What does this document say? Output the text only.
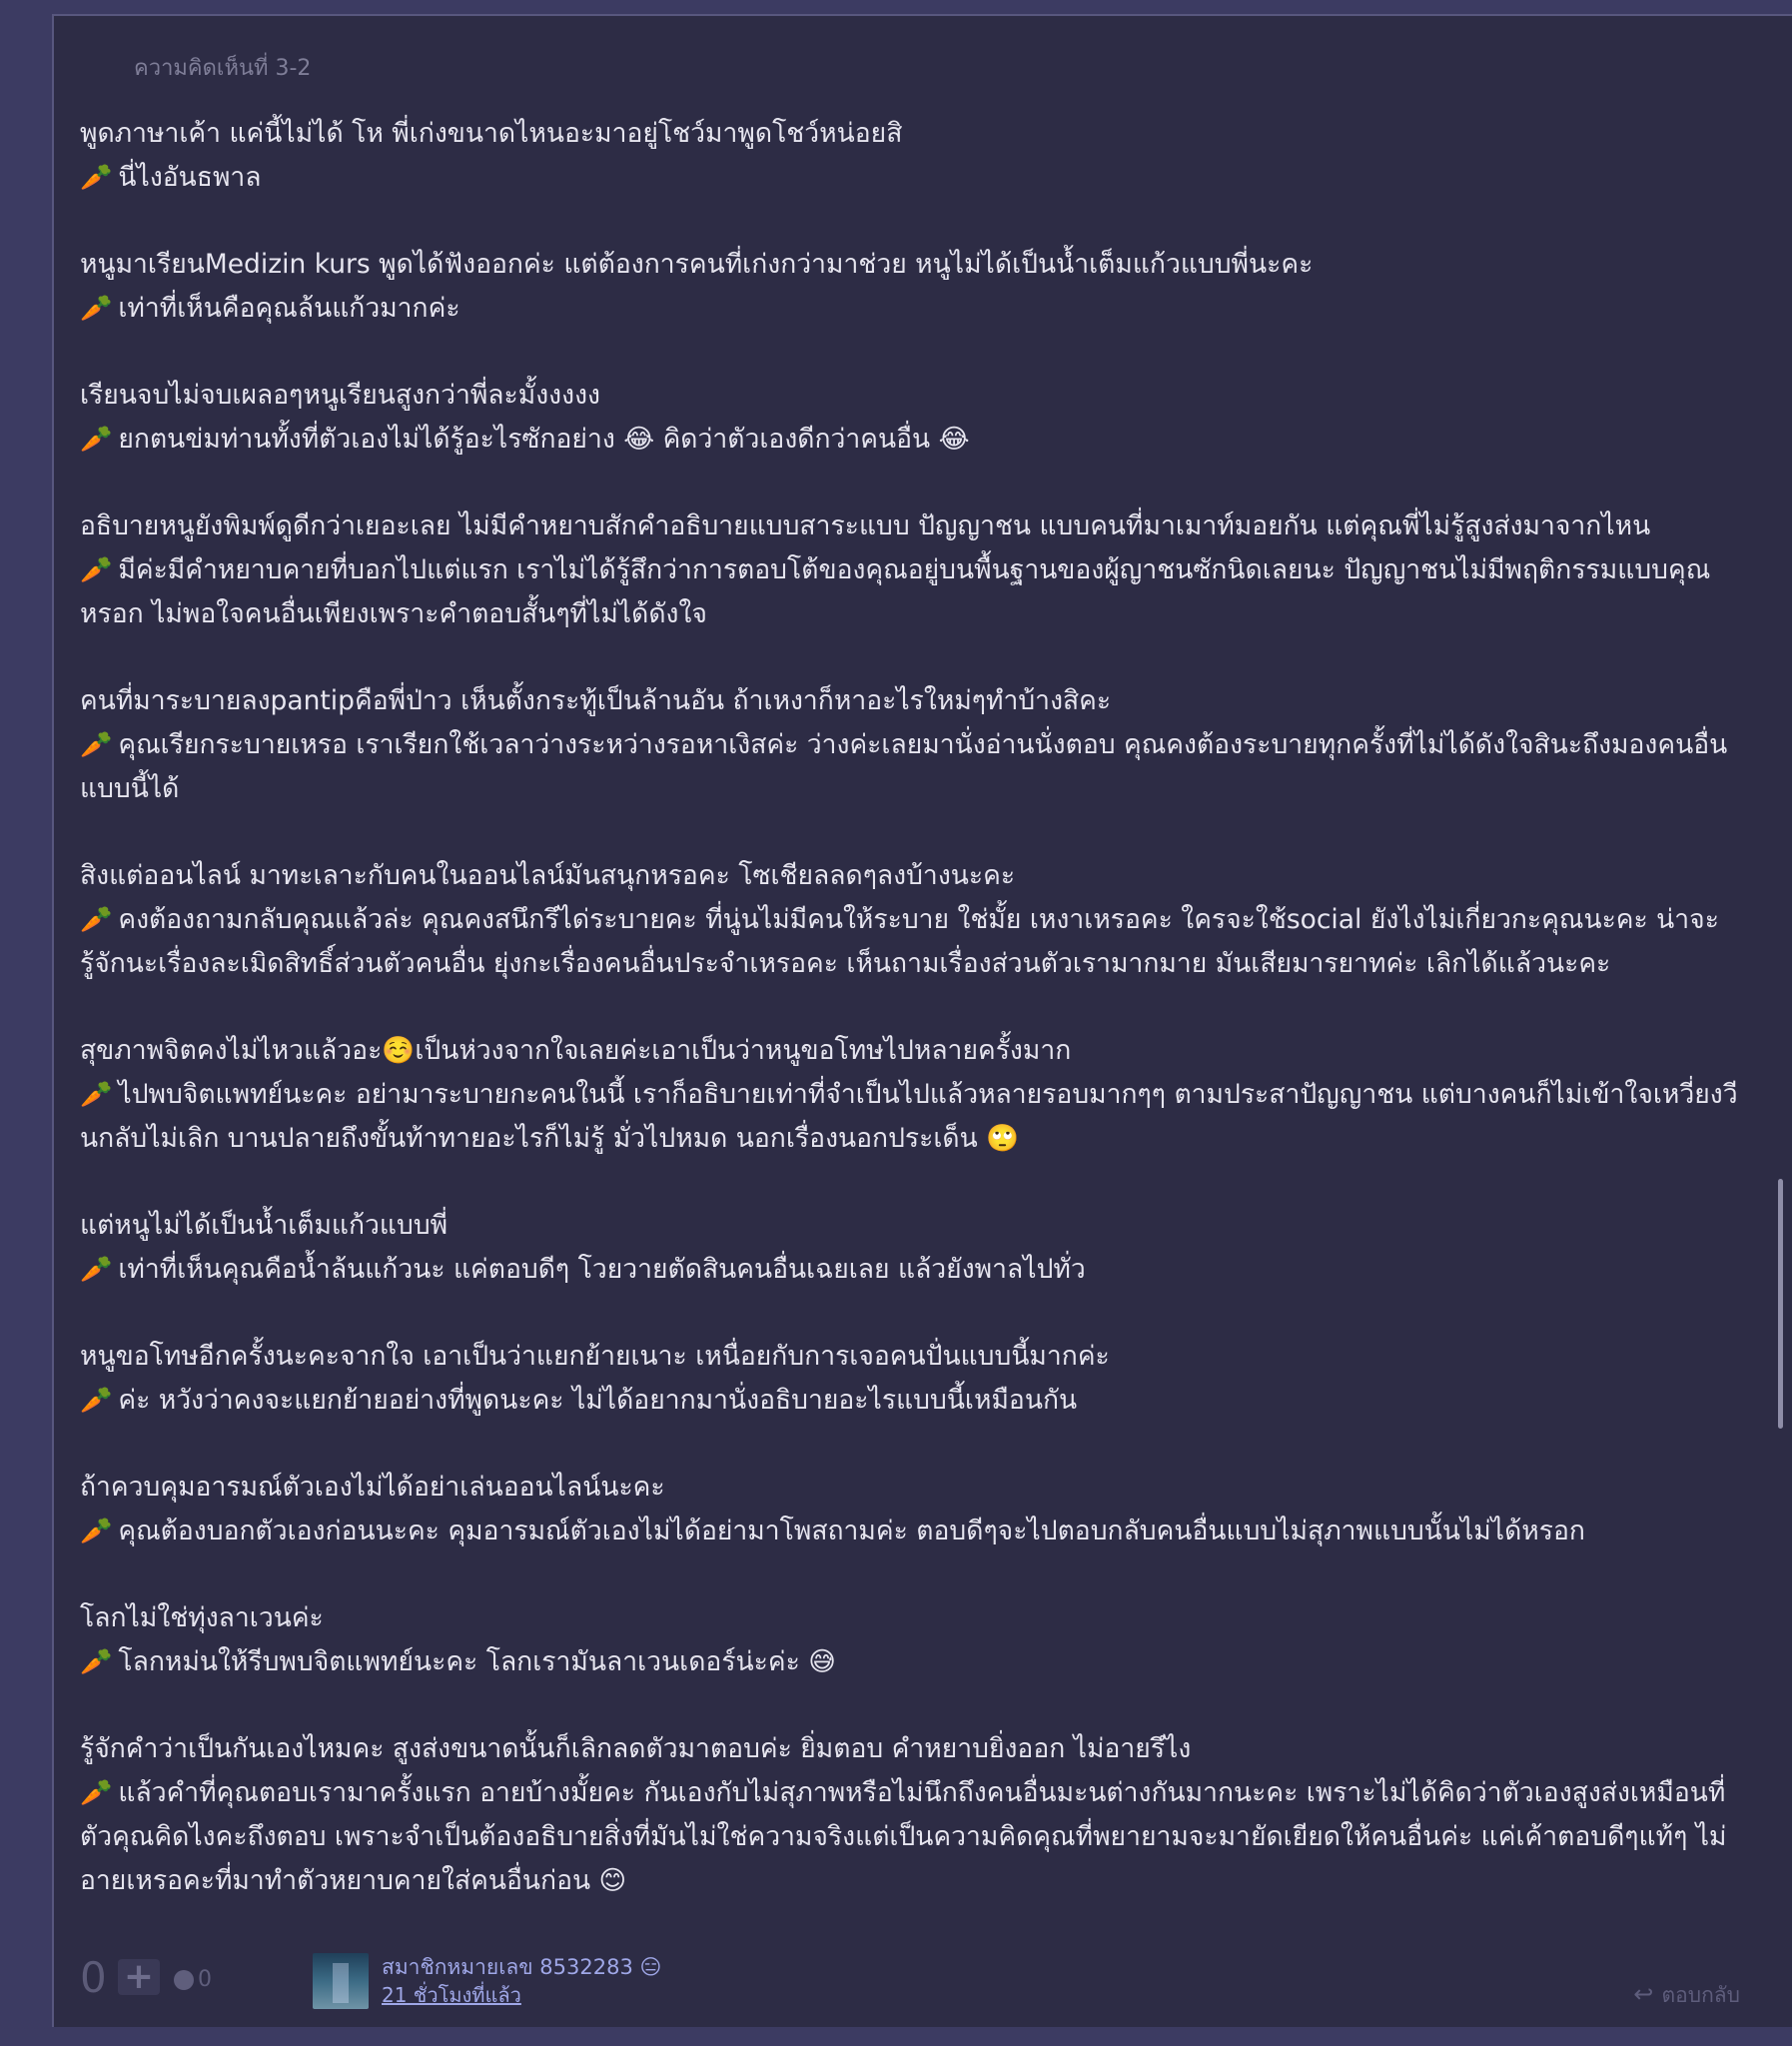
ความคิดเห็นที่ 3-2
พูดภาษาเค้า แค่นี้ไม่ได้ โห พี่เก่งขนาดไหนอะมาอยู่โชว์มาพูดโชว์หน่อยสิ
🥕 นี่ไงอันธพาล
หนูมาเรียนMedizin kurs พูดได้ฟังออกค่ะ แต่ต้องการคนที่เก่งกว่ามาช่วย หนูไม่ได้เป็นน้ำเต็มแก้วแบบพี่นะคะ
🥕 เท่าที่เห็นคือคุณล้นแก้วมากค่ะ
เรียนจบไม่จบเผลอๆหนูเรียนสูงกว่าพี่ละมั้งงงงง
🥕 ยกตนข่มท่านทั้งที่ตัวเองไม่ได้รู้อะไรซักอย่าง 😂 คิดว่าตัวเองดีกว่าคนอื่น 😂
อธิบายหนูยังพิมพ์ดูดีกว่าเยอะเลย ไม่มีคำหยาบสักคำอธิบายแบบสาระแบบ ปัญญาชน แบบคนที่มาเมาท์มอยกัน แต่คุณพี่ไม่รู้สูงส่งมาจากไหน
🥕 มีค่ะมีคำหยาบคายที่บอกไปแต่แรก เราไม่ได้รู้สึกว่าการตอบโต้ของคุณอยู่บนพื้นฐานของผู้ญาชนซักนิดเลยนะ ปัญญาชนไม่มีพฤติกรรมแบบคุณหรอก ไม่พอใจคนอื่นเพียงเพราะคำตอบสั้นๆที่ไม่ได้ดังใจ
คนที่มาระบายลงpantipคือพี่ป่าว เห็นตั้งกระทู้เป็นล้านอัน ถ้าเหงาก็หาอะไรใหม่ๆทำบ้างสิคะ
🥕 คุณเรียกระบายเหรอ เราเรียกใช้เวลาว่างระหว่างรอหาเงิสค่ะ ว่างค่ะเลยมานั่งอ่านนั่งตอบ คุณคงต้องระบายทุกครั้งที่ไม่ได้ดังใจสินะถึงมองคนอื่นแบบนี้ได้
สิงแต่ออนไลน์ มาทะเลาะกับคนในออนไลน์มันสนุกหรอคะ โซเชียลลดๆลงบ้างนะคะ
🥕 คงต้องถามกลับคุณแล้วล่ะ คุณคงสนึกรึได่ระบายคะ ที่นู่นไม่มีคนให้ระบาย ใช่มั้ย เหงาเหรอคะ ใครจะใช้social ยังไงไม่เกี่ยวกะคุณนะคะ น่าจะรู้จักนะเรื่องละเมิดสิทธิ์ส่วนตัวคนอื่น ยุ่งกะเรื่องคนอื่นประจำเหรอคะ เห็นถามเรื่องส่วนตัวเรามากมาย มันเสียมารยาทค่ะ เลิกได้แล้วนะคะ
สุขภาพจิตคงไม่ไหวแล้วอะ☺️เป็นห่วงจากใจเลยค่ะเอาเป็นว่าหนูขอโทษไปหลายครั้งมาก
🥕 ไปพบจิตแพทย์นะคะ อย่ามาระบายกะคนในนี้ เราก็อธิบายเท่าที่จำเป็นไปแล้วหลายรอบมากๆๆ ตามประสาปัญญาชน แต่บางคนก็ไม่เข้าใจเหวี่ยงวีนกลับไม่เลิก บานปลายถึงขั้นท้าทายอะไรก็ไม่รู้ มั่วไปหมด นอกเรื่องนอกประเด็น 🙄
แต่หนูไม่ได้เป็นน้ำเต็มแก้วแบบพี่
🥕 เท่าที่เห็นคุณคือน้ำล้นแก้วนะ แค่ตอบดีๆ โวยวายตัดสินคนอื่นเฉยเลย แล้วยังพาลไปทั่ว
หนูขอโทษอีกครั้งนะคะจากใจ เอาเป็นว่าแยกย้ายเนาะ เหนื่อยกับการเจอคนปั่นแบบนี้มากค่ะ
🥕 ค่ะ หวังว่าคงจะแยกย้ายอย่างที่พูดนะคะ ไม่ได้อยากมานั่งอธิบายอะไรแบบนี้เหมือนกัน
ถ้าควบคุมอารมณ์ตัวเองไม่ได้อย่าเล่นออนไลน์นะคะ
🥕 คุณต้องบอกตัวเองก่อนนะคะ คุมอารมณ์ตัวเองไม่ได้อย่ามาโพสถามค่ะ ตอบดีๆจะไปตอบกลับคนอื่นแบบไม่สุภาพแบบนั้นไม่ได้หรอก
โลกไม่ใช่ทุ่งลาเวนค่ะ
🥕 โลกหม่นให้รีบพบจิตแพทย์นะคะ โลกเรามันลาเวนเดอร์น่ะค่ะ 😅
รู้จักคำว่าเป็นกันเองไหมคะ สูงส่งขนาดนั้นก็เลิกลดตัวมาตอบค่ะ ยิ่มตอบ คำหยาบยิ่งออก ไม่อายรึไง
🥕 แล้วคำที่คุณตอบเรามาครั้งแรก อายบ้างมั้ยคะ กันเองกับไม่สุภาพหรือไม่นึกถึงคนอื่นมะนต่างกันมากนะคะ เพราะไม่ได้คิดว่าตัวเองสูงส่งเหมือนที่ตัวคุณคิดไงคะถึงตอบ เพราะจำเป็นต้องอธิบายสิ่งที่มันไม่ใช่ความจริงแต่เป็นความคิดคุณที่พยายามจะมายัดเยียดให้คนอื่นค่ะ แค่เค้าตอบดีๆแท้ๆ ไม่อายเหรอคะที่มาทำตัวหยาบคายใส่คนอื่นก่อน 😊
0 +	0	สมาชิกหมายเลข 8532283 😑
21 ชั่วโมงที่แล้ว	↩ ตอบกลับ
